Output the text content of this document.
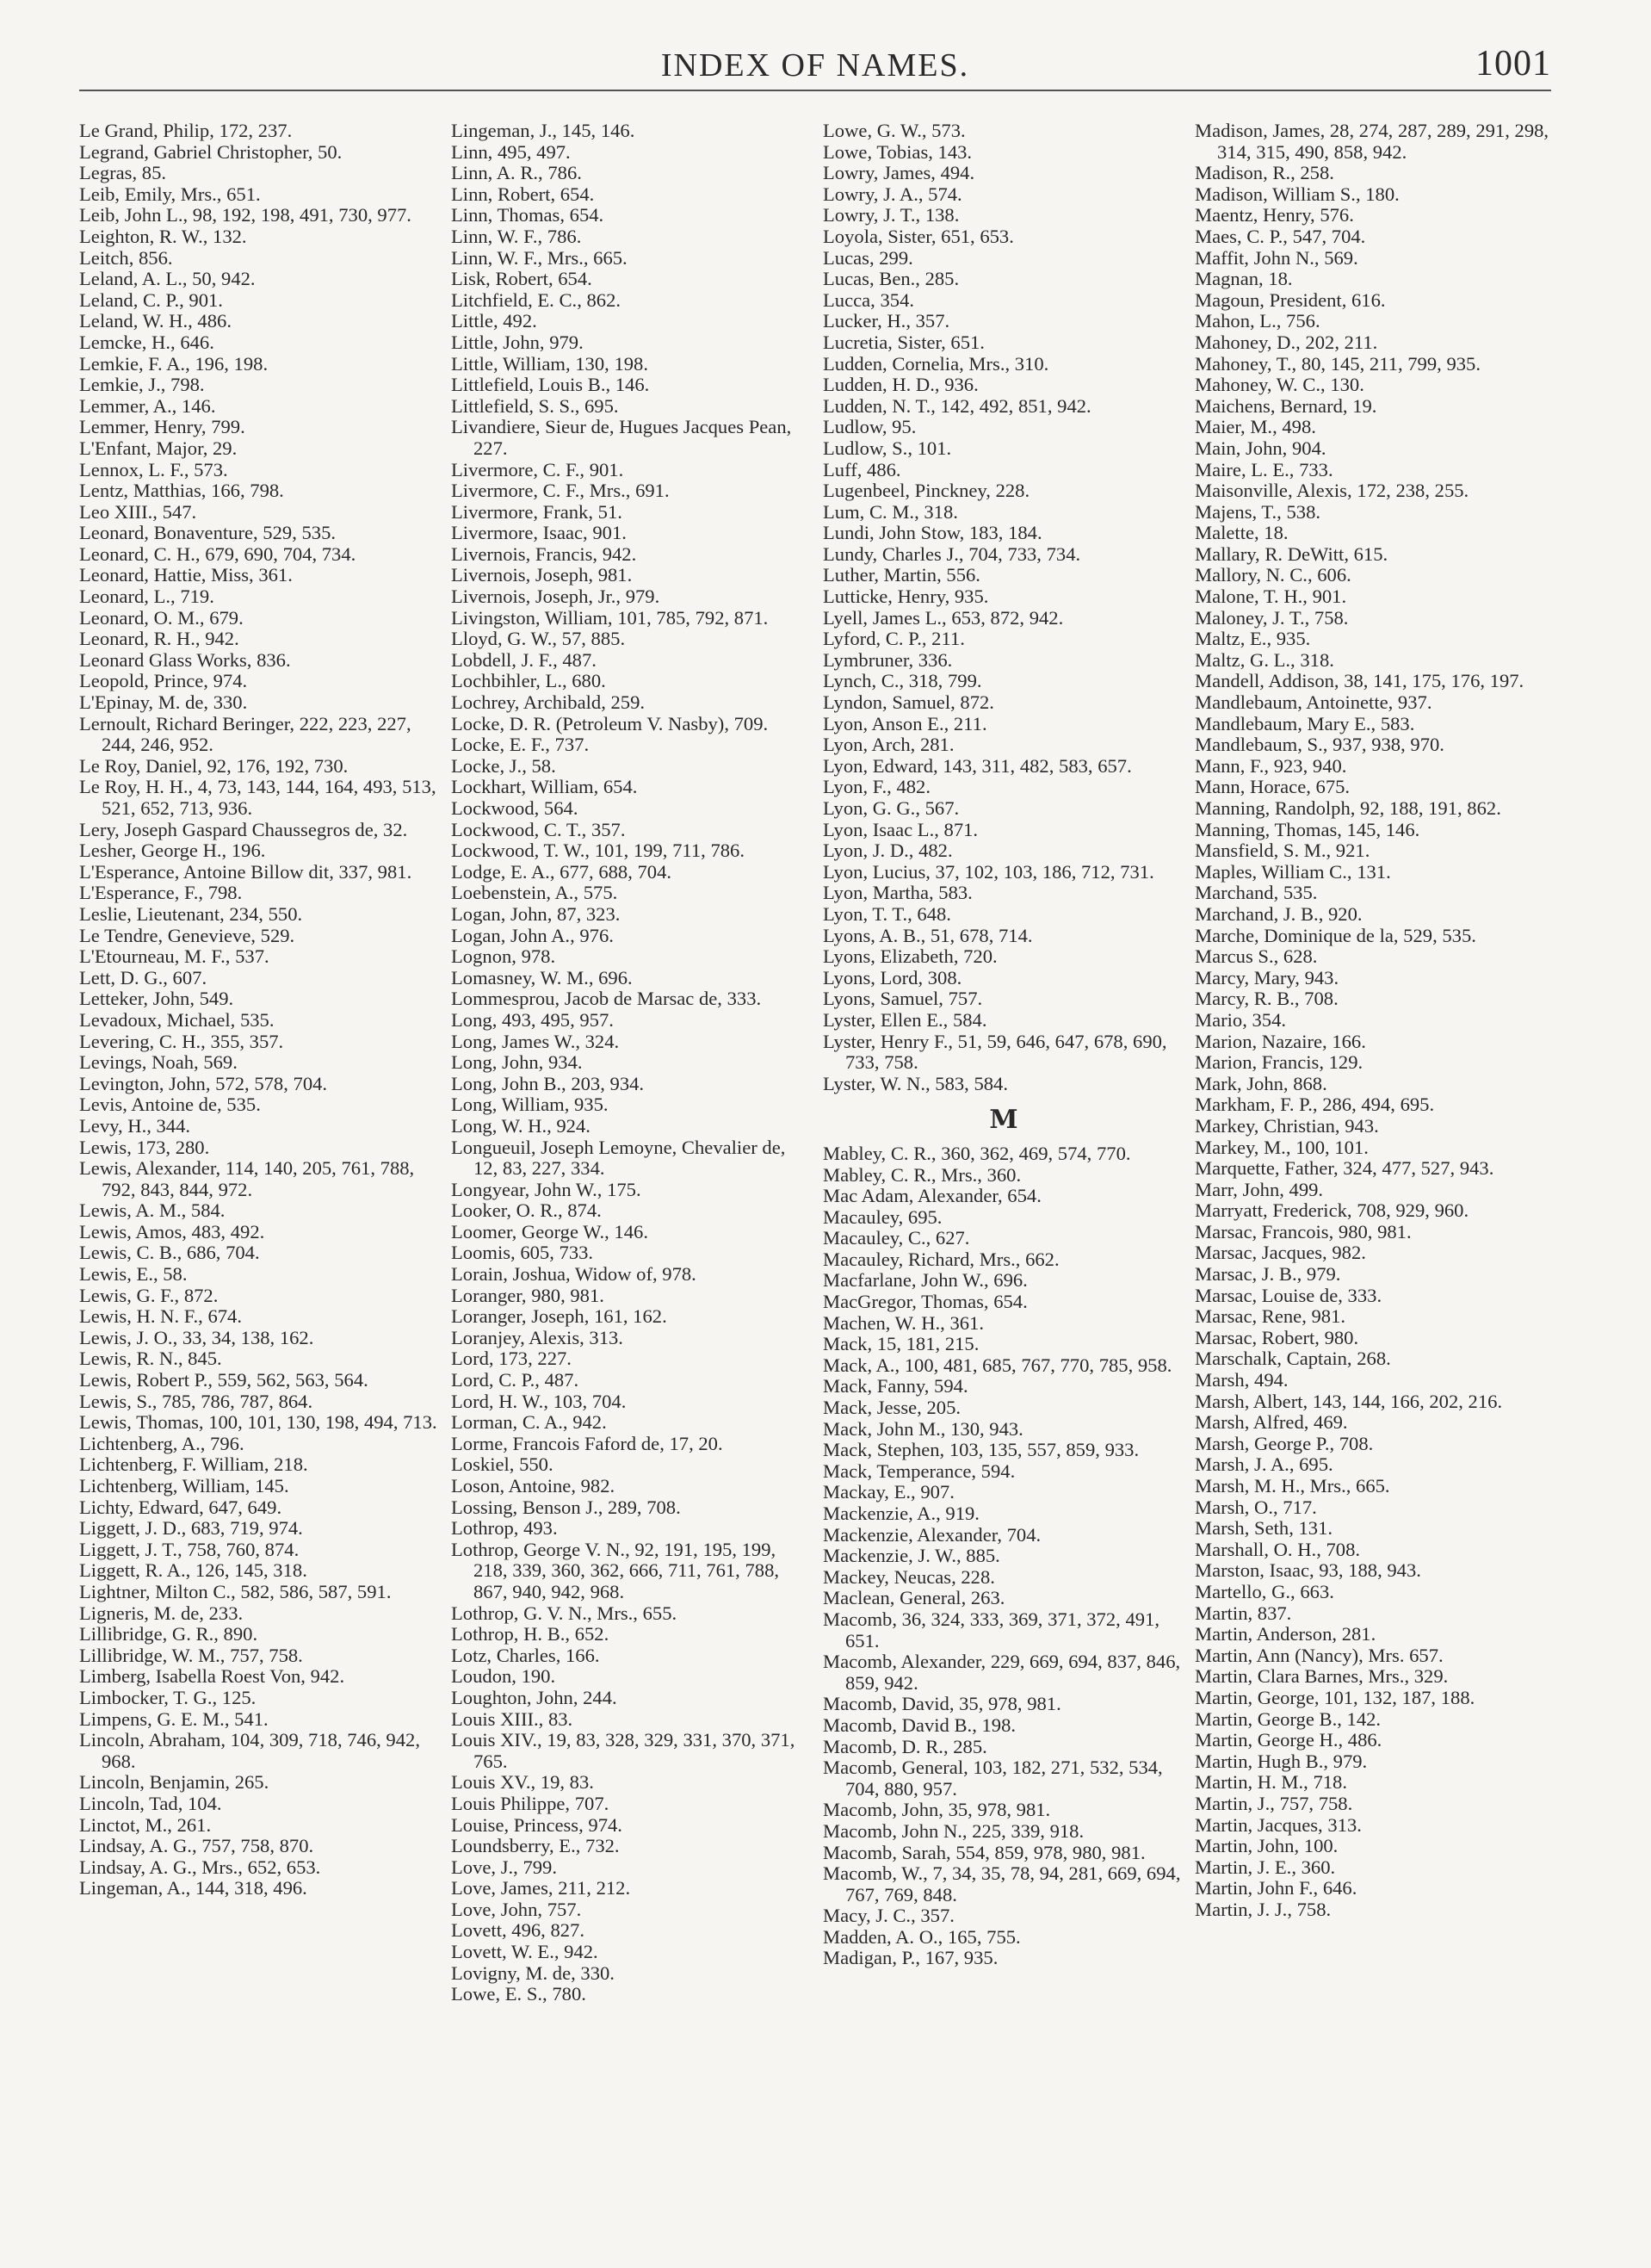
INDEX OF NAMES.	1001
Le Grand, Philip, 172, 237.
Legrand, Gabriel Christopher, 50.
Legras, 85.
Leib, Emily, Mrs., 651.
Leib, John L., 98, 192, 198, 491, 730, 977.
Leighton, R. W., 132.
Leitch, 856.
Leland, A. L., 50, 942.
Leland, C. P., 901.
Leland, W. H., 486.
Lemcke, H., 646.
Lemkie, F. A., 196, 198.
Lemkie, J., 798.
Lemmer, A., 146.
Lemmer, Henry, 799.
L'Enfant, Major, 29.
Lennox, L. F., 573.
Lentz, Matthias, 166, 798.
Leo XIII., 547.
Leonard, Bonaventure, 529, 535.
Leonard, C. H., 679, 690, 704, 734.
Leonard, Hattie, Miss, 361.
Leonard, L., 719.
Leonard, O. M., 679.
Leonard, R. H., 942.
Leonard Glass Works, 836.
Leopold, Prince, 974.
L'Epinay, M. de, 330.
Lernoult, Richard Beringer, 222, 223, 227, 244, 246, 952.
Le Roy, Daniel, 92, 176, 192, 730.
Le Roy, H. H., 4, 73, 143, 144, 164, 493, 513, 521, 652, 713, 936.
Lery, Joseph Gaspard Chaussegros de, 32.
Lesher, George H., 196.
L'Esperance, Antoine Billow dit, 337, 981.
L'Esperance, F., 798.
Leslie, Lieutenant, 234, 550.
Le Tendre, Genevieve, 529.
L'Etourneau, M. F., 537.
Lett, D. G., 607.
Letteker, John, 549.
Levadoux, Michael, 535.
Levering, C. H., 355, 357.
Levings, Noah, 569.
Levington, John, 572, 578, 704.
Levis, Antoine de, 535.
Levy, H., 344.
Lewis, 173, 280.
Lewis, Alexander, 114, 140, 205, 761, 788, 792, 843, 844, 972.
Lewis, A. M., 584.
Lewis, Amos, 483, 492.
Lewis, C. B., 686, 704.
Lewis, E., 58.
Lewis, G. F., 872.
Lewis, H. N. F., 674.
Lewis, J. O., 33, 34, 138, 162.
Lewis, R. N., 845.
Lewis, Robert P., 559, 562, 563, 564.
Lewis, S., 785, 786, 787, 864.
Lewis, Thomas, 100, 101, 130, 198, 494, 713.
Lichtenberg, A., 796.
Lichtenberg, F. William, 218.
Lichtenberg, William, 145.
Lichty, Edward, 647, 649.
Liggett, J. D., 683, 719, 974.
Liggett, J. T., 758, 760, 874.
Liggett, R. A., 126, 145, 318.
Lightner, Milton C., 582, 586, 587, 591.
Ligneris, M. de, 233.
Lillibridge, G. R., 890.
Lillibridge, W. M., 757, 758.
Limberg, Isabella Roest Von, 942.
Limbocker, T. G., 125.
Limpens, G. E. M., 541.
Lincoln, Abraham, 104, 309, 718, 746, 942, 968.
Lincoln, Benjamin, 265.
Lincoln, Tad, 104.
Linctot, M., 261.
Lindsay, A. G., 757, 758, 870.
Lindsay, A. G., Mrs., 652, 653.
Lingeman, A., 144, 318, 496.
Lingeman, J., 145, 146.
Linn, 495, 497.
Linn, A. R., 786.
Linn, Robert, 654.
Linn, Thomas, 654.
Linn, W. F., 786.
Linn, W. F., Mrs., 665.
Lisk, Robert, 654.
Litchfield, E. C., 862.
Little, 492.
Little, John, 979.
Little, William, 130, 198.
Littlefield, Louis B., 146.
Littlefield, S. S., 695.
Livandiere, Sieur de, Hugues Jacques Pean, 227.
Livermore, C. F., 901.
Livermore, C. F., Mrs., 691.
Livermore, Frank, 51.
Livermore, Isaac, 901.
Livernois, Francis, 942.
Livernois, Joseph, 981.
Livernois, Joseph, Jr., 979.
Livingston, William, 101, 785, 792, 871.
Lloyd, G. W., 57, 885.
Lobdell, J. F., 487.
Lochbihler, L., 680.
Lochrey, Archibald, 259.
Locke, D. R. (Petroleum V. Nasby), 709.
Locke, E. F., 737.
Locke, J., 58.
Lockhart, William, 654.
Lockwood, 564.
Lockwood, C. T., 357.
Lockwood, T. W., 101, 199, 711, 786.
Lodge, E. A., 677, 688, 704.
Loebenstein, A., 575.
Logan, John, 87, 323.
Logan, John A., 976.
Lognon, 978.
Lomasney, W. M., 696.
Lommesprou, Jacob de Marsac de, 333.
Long, 493, 495, 957.
Long, James W., 324.
Long, John, 934.
Long, John B., 203, 934.
Long, William, 935.
Long, W. H., 924.
Longueuil, Joseph Lemoyne, Chevalier de, 12, 83, 227, 334.
Longyear, John W., 175.
Looker, O. R., 874.
Loomer, George W., 146.
Loomis, 605, 733.
Lorain, Joshua, Widow of, 978.
Loranger, 980, 981.
Loranger, Joseph, 161, 162.
Loranjey, Alexis, 313.
Lord, 173, 227.
Lord, C. P., 487.
Lord, H. W., 103, 704.
Lorman, C. A., 942.
Lorme, Francois Faford de, 17, 20.
Loskiel, 550.
Loson, Antoine, 982.
Lossing, Benson J., 289, 708.
Lothrop, 493.
Lothrop, George V. N., 92, 191, 195, 199, 218, 339, 360, 362, 666, 711, 761, 788, 867, 940, 942, 968.
Lothrop, G. V. N., Mrs., 655.
Lothrop, H. B., 652.
Lotz, Charles, 166.
Loudon, 190.
Loughton, John, 244.
Louis XIII., 83.
Louis XIV., 19, 83, 328, 329, 331, 370, 371, 765.
Louis XV., 19, 83.
Louis Philippe, 707.
Louise, Princess, 974.
Loundsberry, E., 732.
Love, J., 799.
Love, James, 211, 212.
Love, John, 757.
Lovett, 496, 827.
Lovett, W. E., 942.
Lovigny, M. de, 330.
Lowe, E. S., 780.
Lowe, G. W., 573.
Lowe, Tobias, 143.
Lowry, James, 494.
Lowry, J. A., 574.
Lowry, J. T., 138.
Loyola, Sister, 651, 653.
Lucas, 299.
Lucas, Ben., 285.
Lucca, 354.
Lucker, H., 357.
Lucretia, Sister, 651.
Ludden, Cornelia, Mrs., 310.
Ludden, H. D., 936.
Ludden, N. T., 142, 492, 851, 942.
Ludlow, 95.
Ludlow, S., 101.
Luff, 486.
Lugenbeel, Pinckney, 228.
Lum, C. M., 318.
Lundi, John Stow, 183, 184.
Lundy, Charles J., 704, 733, 734.
Luther, Martin, 556.
Lutticke, Henry, 935.
Lyell, James L., 653, 872, 942.
Lyford, C. P., 211.
Lymbruner, 336.
Lynch, C., 318, 799.
Lyndon, Samuel, 872.
Lyon, Anson E., 211.
Lyon, Arch, 281.
Lyon, Edward, 143, 311, 482, 583, 657.
Lyon, F., 482.
Lyon, G. G., 567.
Lyon, Isaac L., 871.
Lyon, J. D., 482.
Lyon, Lucius, 37, 102, 103, 186, 712, 731.
Lyon, Martha, 583.
Lyon, T. T., 648.
Lyons, A. B., 51, 678, 714.
Lyons, Elizabeth, 720.
Lyons, Lord, 308.
Lyons, Samuel, 757.
Lyster, Ellen E., 584.
Lyster, Henry F., 51, 59, 646, 647, 678, 690, 733, 758.
Lyster, W. N., 583, 584.
M
Mabley, C. R., 360, 362, 469, 574, 770.
Mabley, C. R., Mrs., 360.
Mac Adam, Alexander, 654.
Macauley, 695.
Macauley, C., 627.
Macauley, Richard, Mrs., 662.
Macfarlane, John W., 696.
MacGregor, Thomas, 654.
Machen, W. H., 361.
Mack, 15, 181, 215.
Mack, A., 100, 481, 685, 767, 770, 785, 958.
Mack, Fanny, 594.
Mack, Jesse, 205.
Mack, John M., 130, 943.
Mack, Stephen, 103, 135, 557, 859, 933.
Mack, Temperance, 594.
Mackay, E., 907.
Mackenzie, A., 919.
Mackenzie, Alexander, 704.
Mackenzie, J. W., 885.
Mackey, Neucas, 228.
Maclean, General, 263.
Macomb, 36, 324, 333, 369, 371, 372, 491, 651.
Macomb, Alexander, 229, 669, 694, 837, 846, 859, 942.
Macomb, David, 35, 978, 981.
Macomb, David B., 198.
Macomb, D. R., 285.
Macomb, General, 103, 182, 271, 532, 534, 704, 880, 957.
Macomb, John, 35, 978, 981.
Macomb, John N., 225, 339, 918.
Macomb, Sarah, 554, 859, 978, 980, 981.
Macomb, W., 7, 34, 35, 78, 94, 281, 669, 694, 767, 769, 848.
Macy, J. C., 357.
Madden, A. O., 165, 755.
Madigan, P., 167, 935.
Madison, James, 28, 274, 287, 289, 291, 298, 314, 315, 490, 858, 942.
Madison, R., 258.
Madison, William S., 180.
Maentz, Henry, 576.
Maes, C. P., 547, 704.
Maffit, John N., 569.
Magnan, 18.
Magoun, President, 616.
Mahon, L., 756.
Mahoney, D., 202, 211.
Mahoney, T., 80, 145, 211, 799, 935.
Mahoney, W. C., 130.
Maichens, Bernard, 19.
Maier, M., 498.
Main, John, 904.
Maire, L. E., 733.
Maisonville, Alexis, 172, 238, 255.
Majens, T., 538.
Malette, 18.
Mallary, R. DeWitt, 615.
Mallory, N. C., 606.
Malone, T. H., 901.
Maloney, J. T., 758.
Maltz, E., 935.
Maltz, G. L., 318.
Mandell, Addison, 38, 141, 175, 176, 197.
Mandlebaum, Antoinette, 937.
Mandlebaum, Mary E., 583.
Mandlebaum, S., 937, 938, 970.
Mann, F., 923, 940.
Mann, Horace, 675.
Manning, Randolph, 92, 188, 191, 862.
Manning, Thomas, 145, 146.
Mansfield, S. M., 921.
Maples, William C., 131.
Marchand, 535.
Marchand, J. B., 920.
Marche, Dominique de la, 529, 535.
Marcus S., 628.
Marcy, Mary, 943.
Marcy, R. B., 708.
Mario, 354.
Marion, Nazaire, 166.
Marion, Francis, 129.
Mark, John, 868.
Markham, F. P., 286, 494, 695.
Markey, Christian, 943.
Markey, M., 100, 101.
Marquette, Father, 324, 477, 527, 943.
Marr, John, 499.
Marryatt, Frederick, 708, 929, 960.
Marsac, Francois, 980, 981.
Marsac, Jacques, 982.
Marsac, J. B., 979.
Marsac, Louise de, 333.
Marsac, Rene, 981.
Marsac, Robert, 980.
Marschalk, Captain, 268.
Marsh, 494.
Marsh, Albert, 143, 144, 166, 202, 216.
Marsh, Alfred, 469.
Marsh, George P., 708.
Marsh, J. A., 695.
Marsh, M. H., Mrs., 665.
Marsh, O., 717.
Marsh, Seth, 131.
Marshall, O. H., 708.
Marston, Isaac, 93, 188, 943.
Martello, G., 663.
Martin, 837.
Martin, Anderson, 281.
Martin, Ann (Nancy), Mrs. 657.
Martin, Clara Barnes, Mrs., 329.
Martin, George, 101, 132, 187, 188.
Martin, George B., 142.
Martin, George H., 486.
Martin, Hugh B., 979.
Martin, H. M., 718.
Martin, J., 757, 758.
Martin, Jacques, 313.
Martin, John, 100.
Martin, J. E., 360.
Martin, John F., 646.
Martin, J. J., 758.
